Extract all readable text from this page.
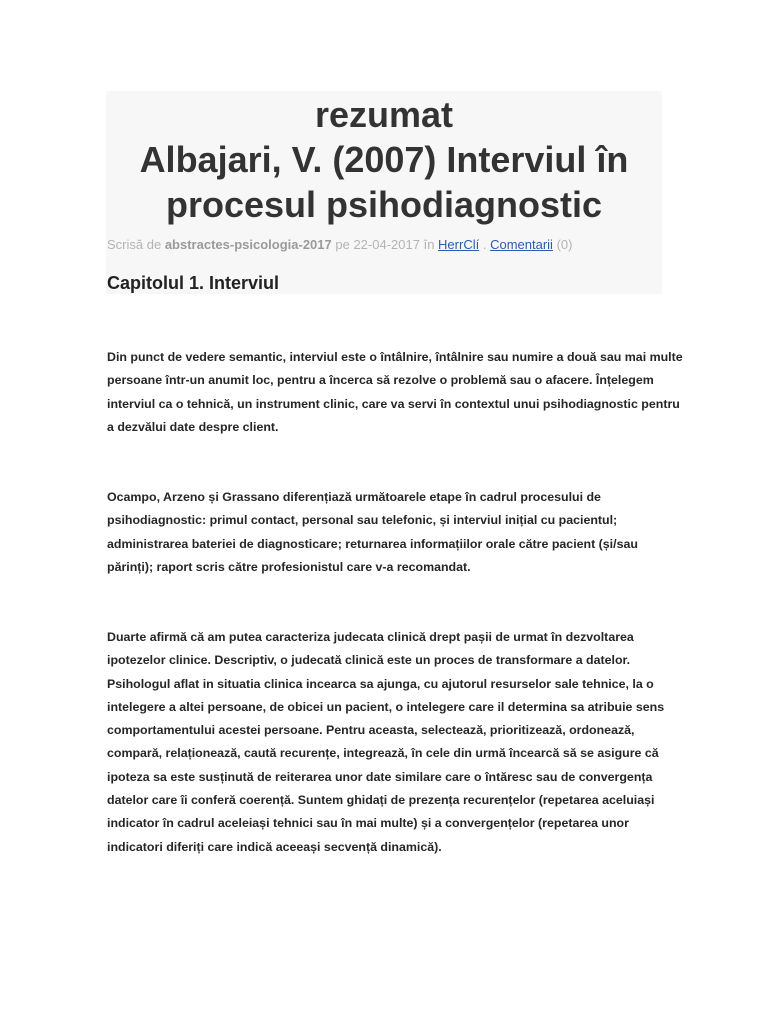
rezumat
Albajari, V. (2007) Interviul în
procesul psihodiagnostic
Scrisă de abstractes-psicologia-2017 pe 22-04-2017 în HerrClí . Comentarii (0)
Capitolul 1. Interviul
Din punct de vedere semantic, interviul este o întâlnire, întâlnire sau numire a două sau mai multe
persoane într-un anumit loc, pentru a încerca să rezolve o problemă sau o afacere. Înțelegem
interviul ca o tehnică, un instrument clinic, care va servi în contextul unui psihodiagnostic pentru
a dezvălui date despre client.
Ocampo, Arzeno și Grassano diferențiază următoarele etape în cadrul procesului de
psihodiagnostic: primul contact, personal sau telefonic, și interviul inițial cu pacientul;
administrarea bateriei de diagnosticare; returnarea informațiilor orale către pacient (și/sau
părinți); raport scris către profesionistul care v-a recomandat.
Duarte afirmă că am putea caracteriza judecata clinică drept pașii de urmat în dezvoltarea
ipotezelor clinice. Descriptiv, o judecată clinică este un proces de transformare a datelor.
Psihologul aflat in situatia clinica incearca sa ajunga, cu ajutorul resurselor sale tehnice, la o
intelegere a altei persoane, de obicei un pacient, o intelegere care il determina sa atribuie sens
comportamentului acestei persoane. Pentru aceasta, selectează, prioritizează, ordonează,
compară, relaționează, caută recurențe, integrează, în cele din urmă încearcă să se asigure că
ipoteza sa este susținută de reiterarea unor date similare care o întăresc sau de convergența
datelor care îi conferă coerență. Suntem ghidați de prezența recurențelor (repetarea aceluiași
indicator în cadrul aceleiași tehnici sau în mai multe) și a convergențelor (repetarea unor
indicatori diferiți care indică aceeași secvență dinamică).
